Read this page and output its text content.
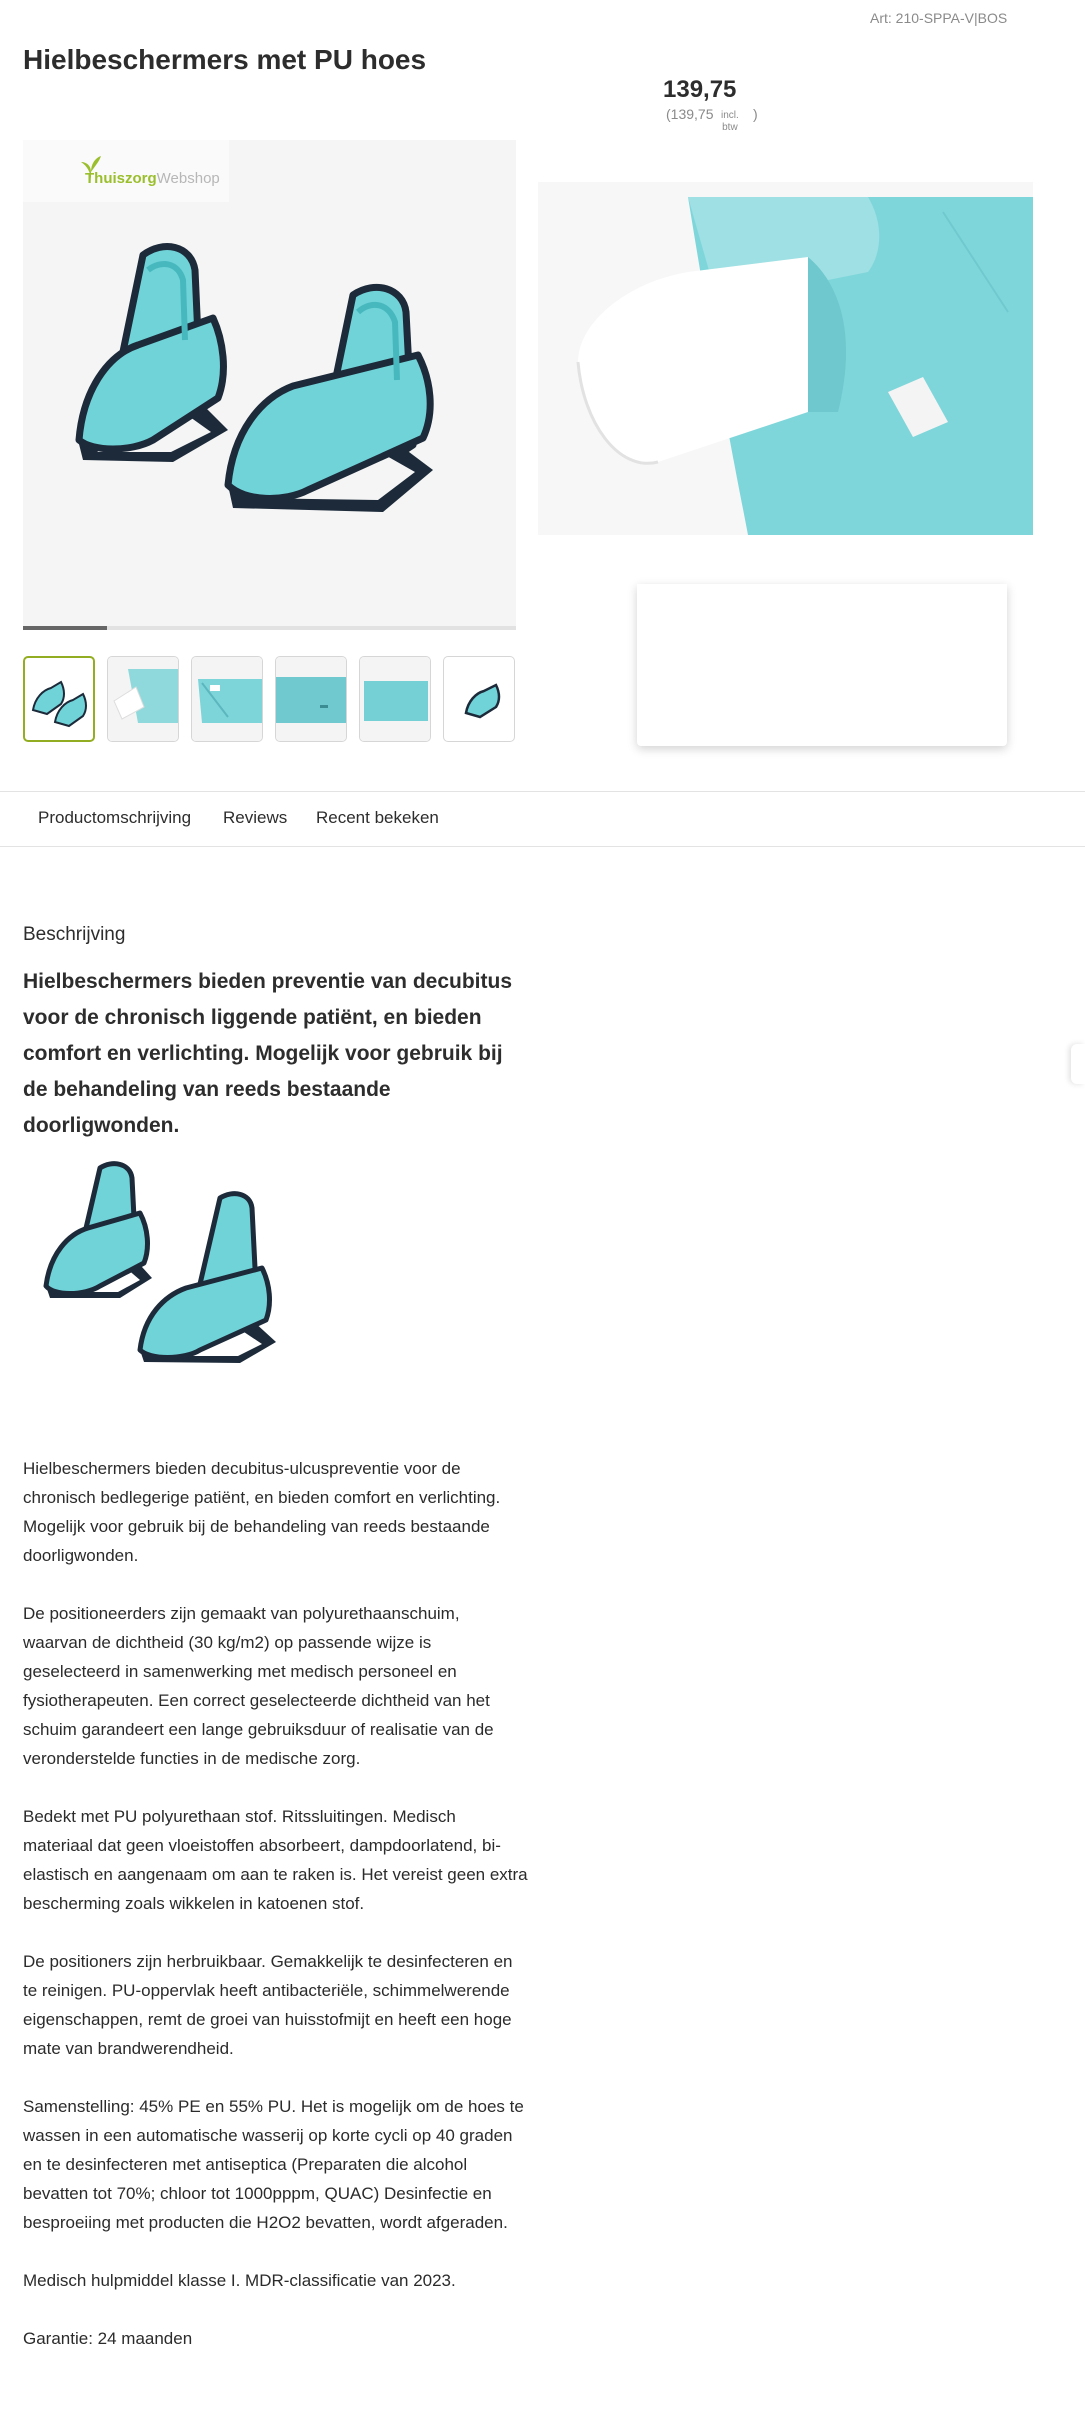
Art: 210-SPPA-V|BOS
Hielbeschermers met PU hoes
139,75
(139,75 incl.
btw
)
ThuiszorgWebshop
Productomschrijving Reviews Recent bekeken
Beschrijving

Hielbeschermers bieden preventie van decubitus voor de chronisch liggende patiënt, en bieden comfort en verlichting. Mogelijk voor gebruik bij de behandeling van reeds bestaande doorligwonden.

Hielbeschermers bieden decubitus-ulcuspreventie voor de chronisch bedlegerige patiënt, en bieden comfort en verlichting. Mogelijk voor gebruik bij de behandeling van reeds bestaande doorligwonden.

De positioneerders zijn gemaakt van polyurethaanschuim, waarvan de dichtheid (30 kg/m2) op passende wijze is geselecteerd in samenwerking met medisch personeel en fysiotherapeuten. Een correct geselecteerde dichtheid van het schuim garandeert een lange gebruiksduur of realisatie van de veronderstelde functies in de medische zorg.

Bedekt met PU polyurethaan stof. Ritssluitingen. Medisch materiaal dat geen vloeistoffen absorbeert, dampdoorlatend, bi-elastisch en aangenaam om aan te raken is. Het vereist geen extra bescherming zoals wikkelen in katoenen stof.

De positioners zijn herbruikbaar. Gemakkelijk te desinfecteren en te reinigen. PU-oppervlak heeft antibacteriële, schimmelwerende eigenschappen, remt de groei van huisstofmijt en heeft een hoge mate van brandwerendheid.

Samenstelling: 45% PE en 55% PU. Het is mogelijk om de hoes te wassen in een automatische wasserij op korte cycli op 40 graden en te desinfecteren met antiseptica (Preparaten die alcohol bevatten tot 70%; chloor tot 1000pppm, QUAC) Desinfectie en besproeiing met producten die H2O2 bevatten, wordt afgeraden.

Medisch hulpmiddel klasse I. MDR-classificatie van 2023.

Garantie: 24 maanden
